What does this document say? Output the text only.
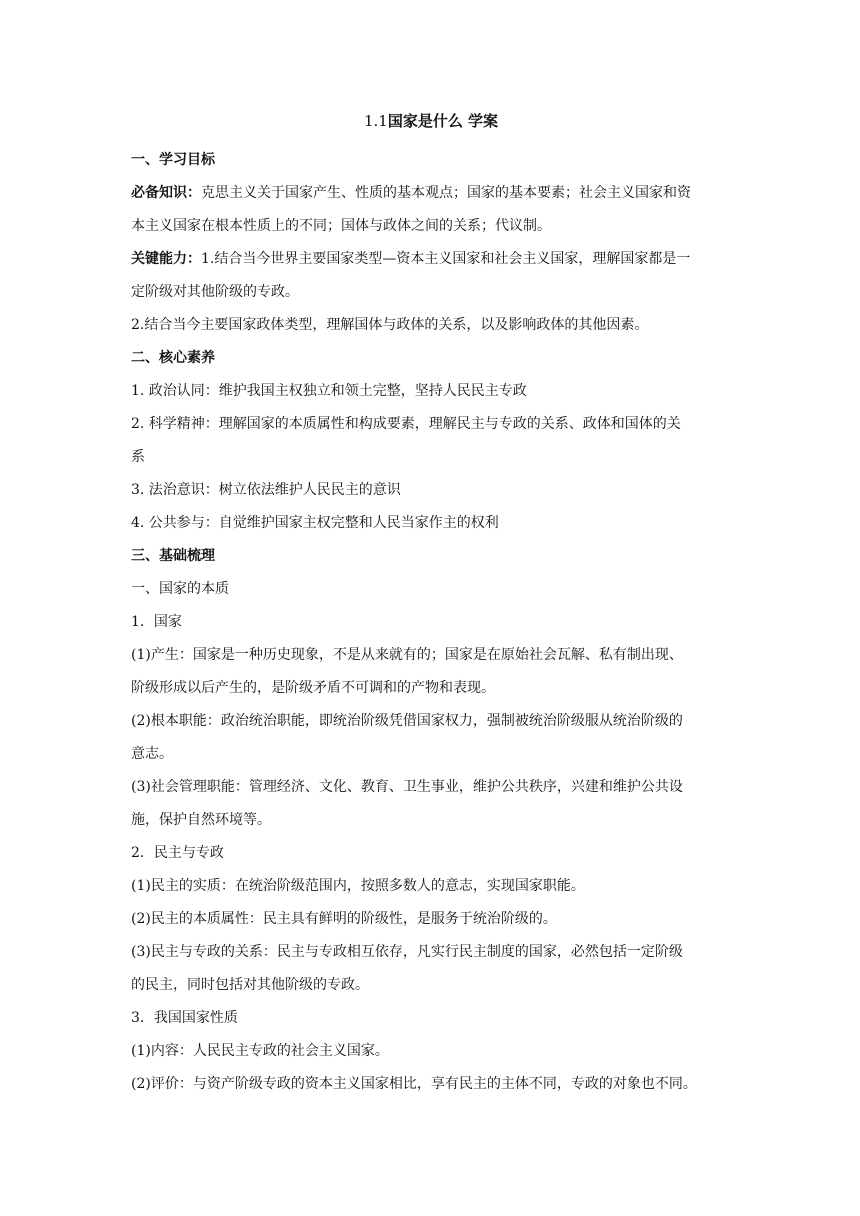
1.1国家是什么 学案

一、学习目标

必备知识：克思主义关于国家产生、性质的基本观点；国家的基本要素；社会主义国家和资

本主义国家在根本性质上的不同；国体与政体之间的关系；代议制。

关键能力：1.结合当今世界主要国家类型—资本主义国家和社会主义国家，理解国家都是一

定阶级对其他阶级的专政。

2.结合当今主要国家政体类型，理解国体与政体的关系，以及影响政体的其他因素。

二、核心素养

1. 政治认同：维护我国主权独立和领土完整，坚持人民民主专政

2. 科学精神：理解国家的本质属性和构成要素，理解民主与专政的关系、政体和国体的关

系

3. 法治意识：树立依法维护人民民主的意识

4. 公共参与：自觉维护国家主权完整和人民当家作主的权利

三、基础梳理

一、国家的本质

1．国家

(1)产生：国家是一种历史现象，不是从来就有的；国家是在原始社会瓦解、私有制出现、

阶级形成以后产生的，是阶级矛盾不可调和的产物和表现。

(2)根本职能：政治统治职能，即统治阶级凭借国家权力，强制被统治阶级服从统治阶级的

意志。

(3)社会管理职能：管理经济、文化、教育、卫生事业，维护公共秩序，兴建和维护公共设

施，保护自然环境等。

2．民主与专政

(1)民主的实质：在统治阶级范围内，按照多数人的意志，实现国家职能。

(2)民主的本质属性：民主具有鲜明的阶级性，是服务于统治阶级的。

(3)民主与专政的关系：民主与专政相互依存，凡实行民主制度的国家，必然包括一定阶级

的民主，同时包括对其他阶级的专政。

3．我国国家性质

(1)内容：人民民主专政的社会主义国家。

(2)评价：与资产阶级专政的资本主义国家相比，享有民主的主体不同，专政的对象也不同。
